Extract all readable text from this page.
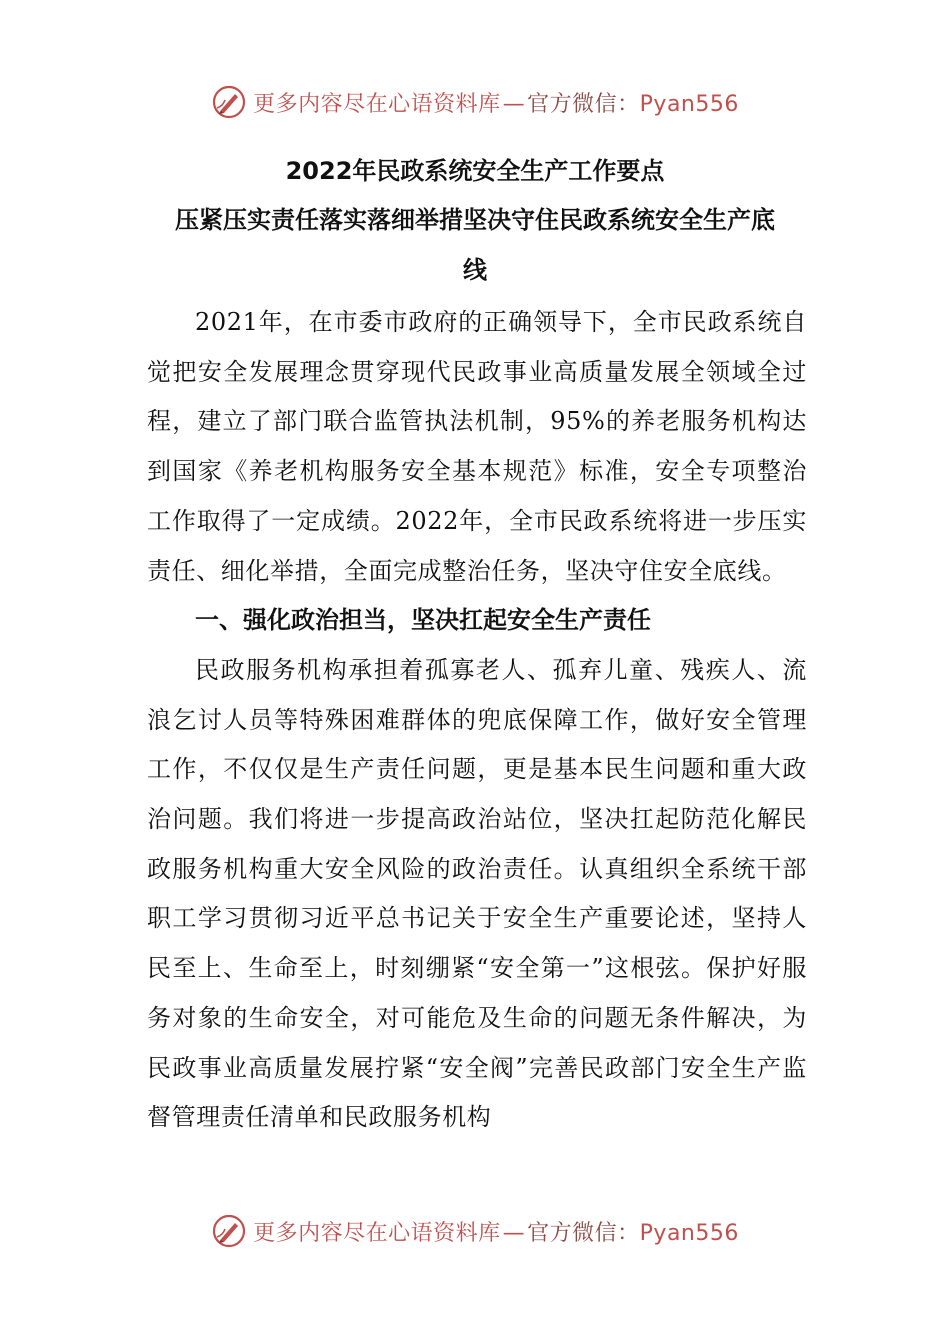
更多内容尽在心语资料库—官方微信：Pyan556
2022年民政系统安全生产工作要点
压紧压实责任落实落细举措坚决守住民政系统安全生产底
线

2021年，在市委市政府的正确领导下，全市民政系统自觉把安全发展理念贯穿现代民政事业高质量发展全领域全过程，建立了部门联合监管执法机制，95%的养老服务机构达到国家《养老机构服务安全基本规范》标准，安全专项整治工作取得了一定成绩。2022年，全市民政系统将进一步压实责任、细化举措，全面完成整治任务，坚决守住安全底线。

一、强化政治担当，坚决扛起安全生产责任

民政服务机构承担着孤寡老人、孤弃儿童、残疾人、流浪乞讨人员等特殊困难群体的兜底保障工作，做好安全管理工作，不仅仅是生产责任问题，更是基本民生问题和重大政治问题。我们将进一步提高政治站位，坚决扛起防范化解民政服务机构重大安全风险的政治责任。认真组织全系统干部职工学习贯彻习近平总书记关于安全生产重要论述，坚持人民至上、生命至上，时刻绷紧“安全第一”这根弦。保护好服务对象的生命安全，对可能危及生命的问题无条件解决，为民政事业高质量发展拧紧“安全阀”完善民政部门安全生产监督管理责任清单和民政服务机构

更多内容尽在心语资料库—官方微信：Pyan556
